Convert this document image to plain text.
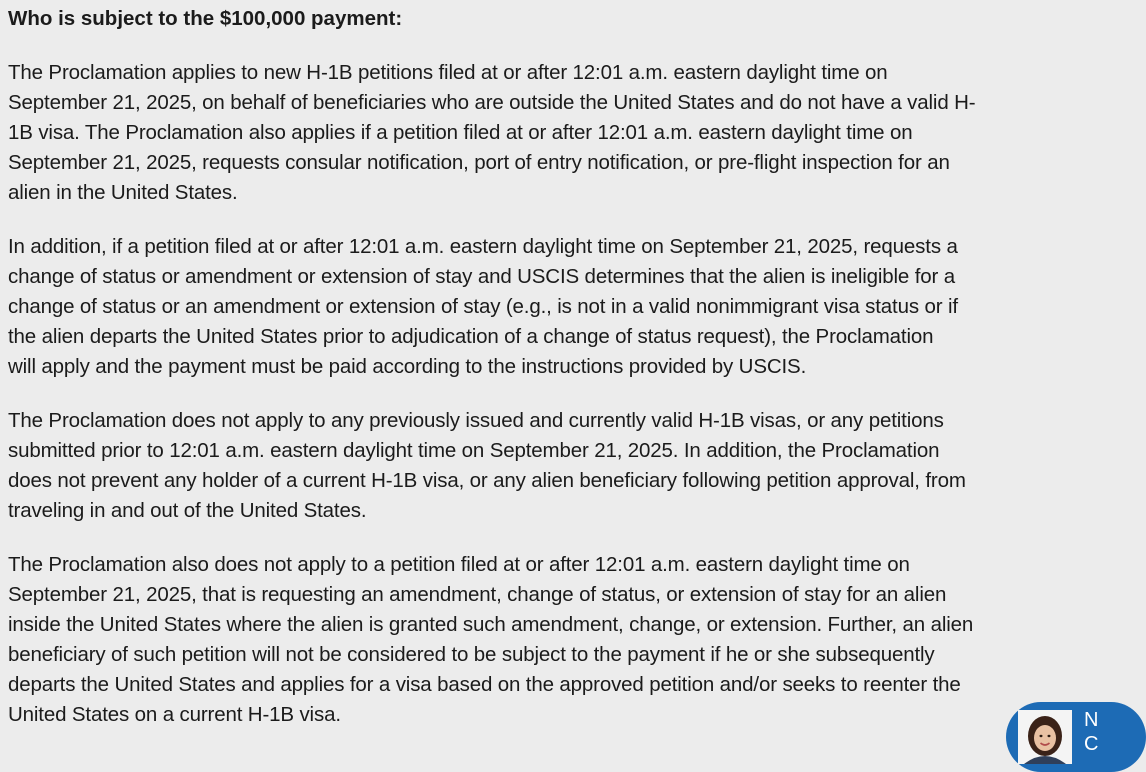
Who is subject to the $100,000 payment:

The Proclamation applies to new H-1B petitions filed at or after 12:01 a.m. eastern daylight time on
September 21, 2025, on behalf of beneficiaries who are outside the United States and do not have a valid H-
1B visa. The Proclamation also applies if a petition filed at or after 12:01 a.m. eastern daylight time on
September 21, 2025, requests consular notification, port of entry notification, or pre-flight inspection for an
alien in the United States.

In addition, if a petition filed at or after 12:01 a.m. eastern daylight time on September 21, 2025, requests a
change of status or amendment or extension of stay and USCIS determines that the alien is ineligible for a
change of status or an amendment or extension of stay (e.g., is not in a valid nonimmigrant visa status or if
the alien departs the United States prior to adjudication of a change of status request), the Proclamation
will apply and the payment must be paid according to the instructions provided by USCIS.

The Proclamation does not apply to any previously issued and currently valid H-1B visas, or any petitions
submitted prior to 12:01 a.m. eastern daylight time on September 21, 2025. In addition, the Proclamation
does not prevent any holder of a current H-1B visa, or any alien beneficiary following petition approval, from
traveling in and out of the United States.

The Proclamation also does not apply to a petition filed at or after 12:01 a.m. eastern daylight time on
September 21, 2025, that is requesting an amendment, change of status, or extension of stay for an alien
inside the United States where the alien is granted such amendment, change, or extension. Further, an alien
beneficiary of such petition will not be considered to be subject to the payment if he or she subsequently
departs the United States and applies for a visa based on the approved petition and/or seeks to reenter the
United States on a current H-1B visa.	N
C
